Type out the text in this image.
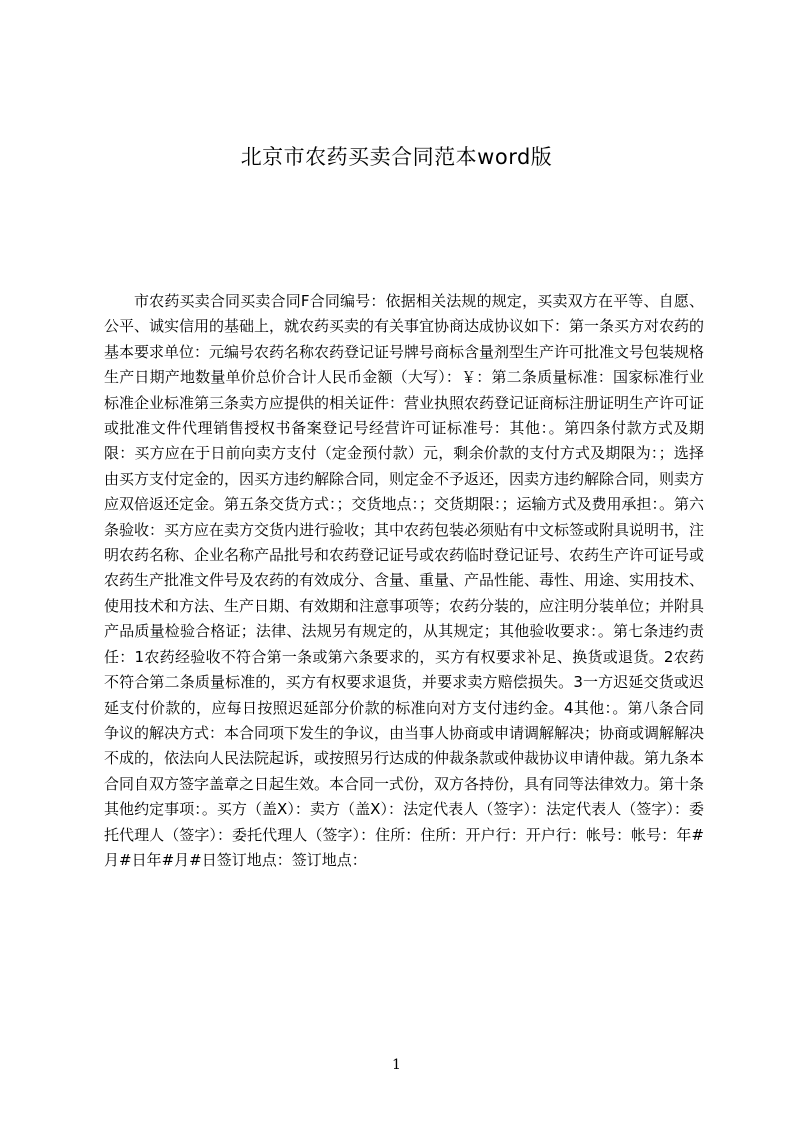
北京市农药买卖合同范本word版

市农药买卖合同买卖合同F合同编号：依据相关法规的规定，买卖双方在平等、自愿、公平、诚实信用的基础上，就农药买卖的有关事宜协商达成协议如下：第一条买方对农药的基本要求单位：元编号农药名称农药登记证号牌号商标含量剂型生产许可批准文号包装规格生产日期产地数量单价总价合计人民币金额（大写）：￥：第二条质量标准：国家标准行业标准企业标准第三条卖方应提供的相关证件：营业执照农药登记证商标注册证明生产许可证或批准文件代理销售授权书备案登记号经营许可证标准号：其他：。第四条付款方式及期限：买方应在于日前向卖方支付（定金预付款）元，剩余价款的支付方式及期限为：；选择由买方支付定金的，因买方违约解除合同，则定金不予返还，因卖方违约解除合同，则卖方应双倍返还定金。第五条交货方式：；交货地点：；交货期限：；运输方式及费用承担：。第六条验收：买方应在卖方交货内进行验收；其中农药包装必须贴有中文标签或附具说明书，注明农药名称、企业名称产品批号和农药登记证号或农药临时登记证号、农药生产许可证号或农药生产批准文件号及农药的有效成分、含量、重量、产品性能、毒性、用途、实用技术、使用技术和方法、生产日期、有效期和注意事项等；农药分装的，应注明分装单位；并附具产品质量检验合格证；法律、法规另有规定的，从其规定；其他验收要求：。第七条违约责任：1农药经验收不符合第一条或第六条要求的，买方有权要求补足、换货或退货。2农药不符合第二条质量标准的，买方有权要求退货，并要求卖方赔偿损失。3一方迟延交货或迟延支付价款的，应每日按照迟延部分价款的标准向对方支付违约金。4其他：。第八条合同争议的解决方式：本合同项下发生的争议，由当事人协商或申请调解解决；协商或调解解决不成的，依法向人民法院起诉，或按照另行达成的仲裁条款或仲裁协议申请仲裁。第九条本合同自双方签字盖章之日起生效。本合同一式份，双方各持份，具有同等法律效力。第十条其他约定事项：。买方（盖X）：卖方（盖X）：法定代表人（签字）：法定代表人（签字）：委托代理人（签字）：委托代理人（签字）：住所：住所：开户行：开户行：帐号：帐号：年#月#日年#月#日签订地点：签订地点：

1
